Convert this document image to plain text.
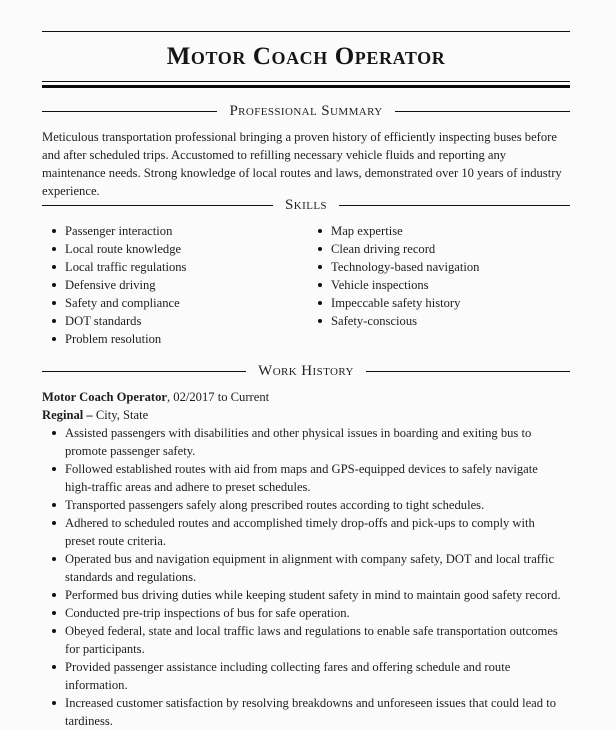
Motor Coach Operator
Professional Summary

Meticulous transportation professional bringing a proven history of efficiently inspecting buses before and after scheduled trips. Accustomed to refilling necessary vehicle fluids and reporting any maintenance needs. Strong knowledge of local routes and laws, demonstrated over 10 years of industry experience.

Skills
Passenger interaction
Local route knowledge
Local traffic regulations
Defensive driving
Safety and compliance
DOT standards
Problem resolution
Map expertise
Clean driving record
Technology-based navigation
Vehicle inspections
Impeccable safety history
Safety-conscious
Work History
Motor Coach Operator, 02/2017 to Current
Reginal – City, State
Assisted passengers with disabilities and other physical issues in boarding and exiting bus to promote passenger safety.
Followed established routes with aid from maps and GPS-equipped devices to safely navigate high-traffic areas and adhere to preset schedules.
Transported passengers safely along prescribed routes according to tight schedules.
Adhered to scheduled routes and accomplished timely drop-offs and pick-ups to comply with preset route criteria.
Operated bus and navigation equipment in alignment with company safety, DOT and local traffic standards and regulations.
Performed bus driving duties while keeping student safety in mind to maintain good safety record.
Conducted pre-trip inspections of bus for safe operation.
Obeyed federal, state and local traffic laws and regulations to enable safe transportation outcomes for participants.
Provided passenger assistance including collecting fares and offering schedule and route information.
Increased customer satisfaction by resolving breakdowns and unforeseen issues that could lead to tardiness.
